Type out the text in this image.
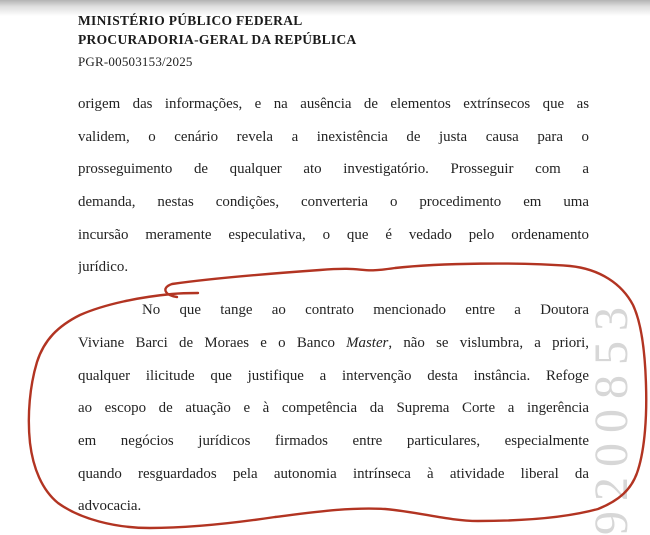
9200853
MINISTÉRIO PÚBLICO FEDERAL
PROCURADORIA-GERAL DA REPÚBLICA
PGR-00503153/2025
origem das informações, e na ausência de elementos extrínsecos que as
validem, o cenário revela a inexistência de justa causa para o
prosseguimento de qualquer ato investigatório. Prosseguir com a
demanda, nestas condições, converteria o procedimento em uma
incursão meramente especulativa, o que é vedado pelo ordenamento
jurídico.
No que tange ao contrato mencionado entre a Doutora
Viviane Barci de Moraes e o Banco Master, não se vislumbra, a priori,
qualquer ilicitude que justifique a intervenção desta instância. Refoge
ao escopo de atuação e à competência da Suprema Corte a ingerência
em negócios jurídicos firmados entre particulares, especialmente
quando resguardados pela autonomia intrínseca à atividade liberal da
advocacia.
